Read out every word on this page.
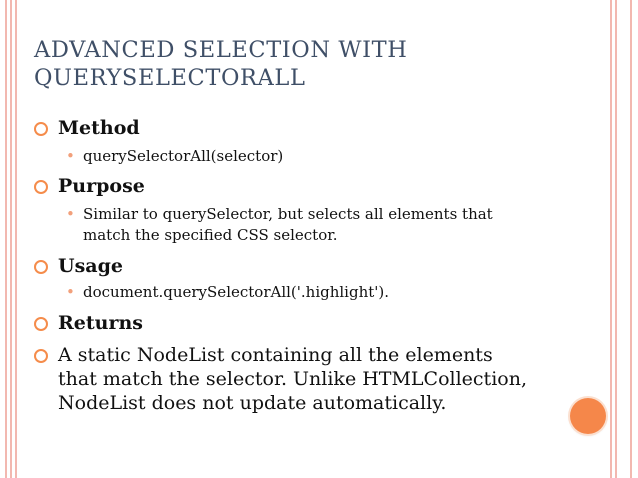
ADVANCED SELECTION WITH
QUERYSELECTORALL
Method
• querySelectorAll(selector)
Purpose
• Similar to querySelector, but selects all elements that
match the specified CSS selector.
Usage
• document.querySelectorAll('.highlight').
Returns
A static NodeList containing all the elements
that match the selector. Unlike HTMLCollection,
NodeList does not update automatically.
